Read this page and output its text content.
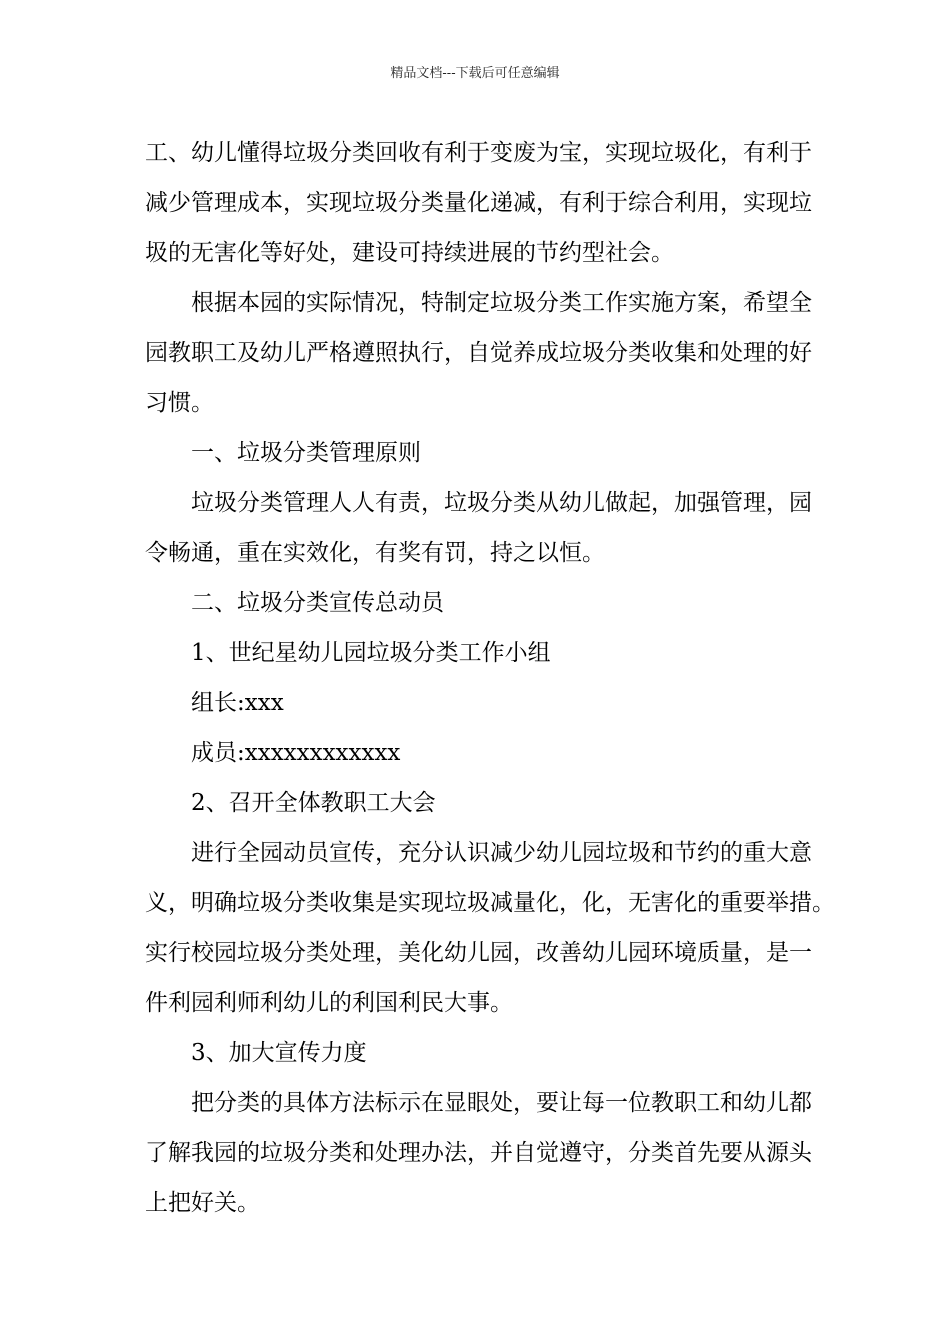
精品文档---下载后可任意编辑

工、幼儿懂得垃圾分类回收有利于变废为宝，实现垃圾化，有利于

减少管理成本，实现垃圾分类量化递减，有利于综合利用，实现垃

圾的无害化等好处，建设可持续进展的节约型社会。

根据本园的实际情况，特制定垃圾分类工作实施方案，希望全

园教职工及幼儿严格遵照执行，自觉养成垃圾分类收集和处理的好

习惯。

一、垃圾分类管理原则

垃圾分类管理人人有责，垃圾分类从幼儿做起，加强管理，园

令畅通，重在实效化，有奖有罚，持之以恒。

二、垃圾分类宣传总动员

1、世纪星幼儿园垃圾分类工作小组

组长:xxx

成员:xxxxxxxxxxxx

2、召开全体教职工大会

进行全园动员宣传，充分认识减少幼儿园垃圾和节约的重大意

义，明确垃圾分类收集是实现垃圾减量化，化，无害化的重要举措。

实行校园垃圾分类处理，美化幼儿园，改善幼儿园环境质量，是一

件利园利师利幼儿的利国利民大事。

3、加大宣传力度

把分类的具体方法标示在显眼处，要让每一位教职工和幼儿都

了解我园的垃圾分类和处理办法，并自觉遵守，分类首先要从源头

上把好关。
